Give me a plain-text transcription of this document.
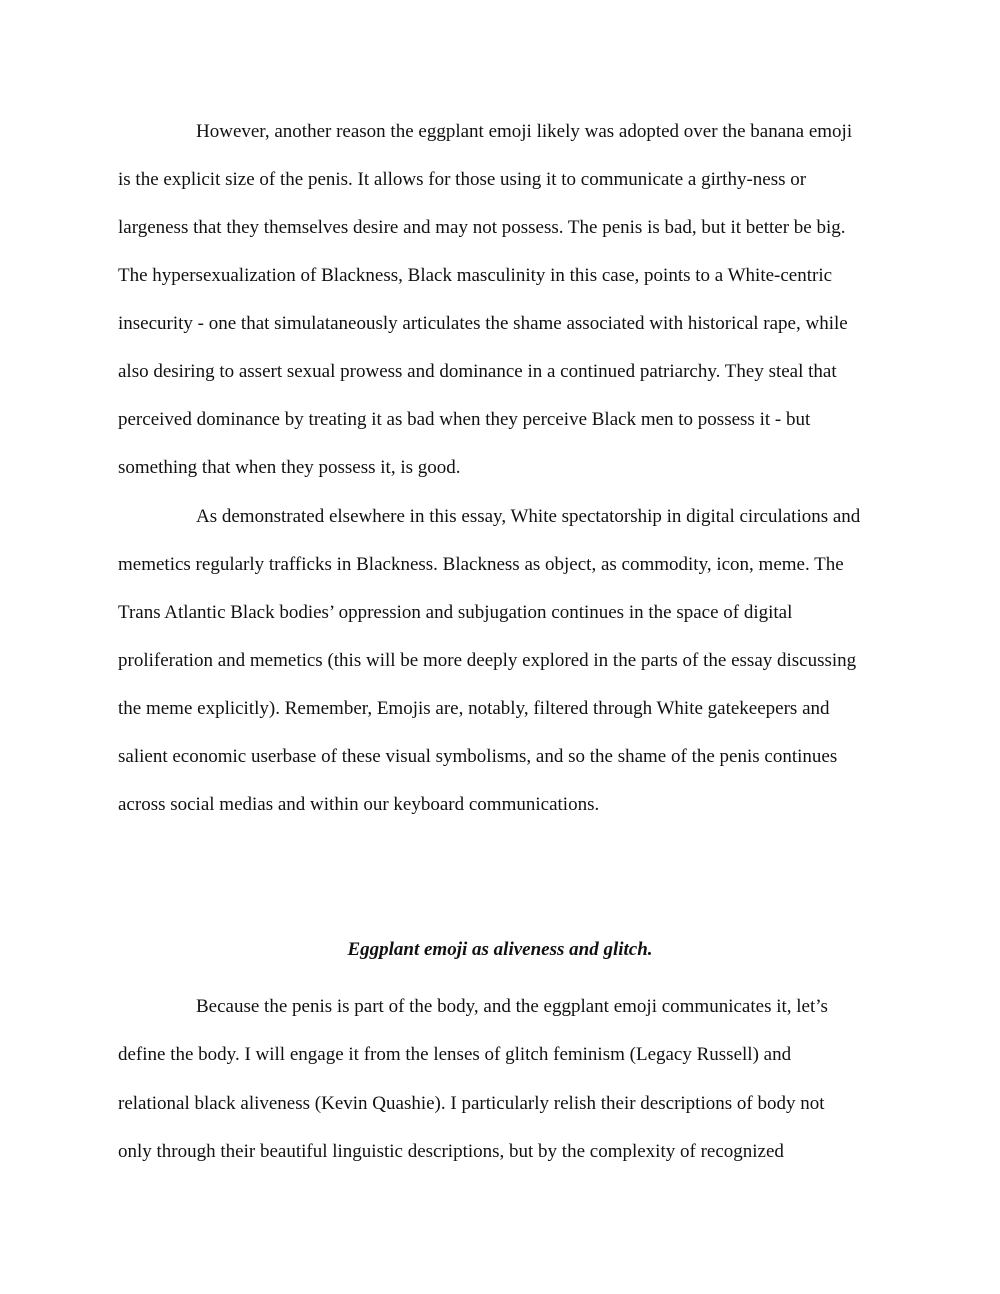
However, another reason the eggplant emoji likely was adopted over the banana emoji

is the explicit size of the penis. It allows for those using it to communicate a girthy-ness or

largeness that they themselves desire and may not possess. The penis is bad, but it better be big.

The hypersexualization of Blackness, Black masculinity in this case, points to a White-centric

insecurity - one that simulataneously articulates the shame associated with historical rape, while

also desiring to assert sexual prowess and dominance in a continued patriarchy. They steal that

perceived dominance by treating it as bad when they perceive Black men to possess it - but

something that when they possess it, is good.

As demonstrated elsewhere in this essay, White spectatorship in digital circulations and

memetics regularly trafficks in Blackness. Blackness as object, as commodity, icon, meme. The

Trans Atlantic Black bodies’ oppression and subjugation continues in the space of digital

proliferation and memetics (this will be more deeply explored in the parts of the essay discussing

the meme explicitly). Remember, Emojis are, notably, filtered through White gatekeepers and

salient economic userbase of these visual symbolisms, and so the shame of the penis continues

across social medias and within our keyboard communications.

Eggplant emoji as aliveness and glitch.

Because the penis is part of the body, and the eggplant emoji communicates it, let’s

define the body. I will engage it from the lenses of glitch feminism (Legacy Russell) and

relational black aliveness (Kevin Quashie). I particularly relish their descriptions of body not

only through their beautiful linguistic descriptions, but by the complexity of recognized
